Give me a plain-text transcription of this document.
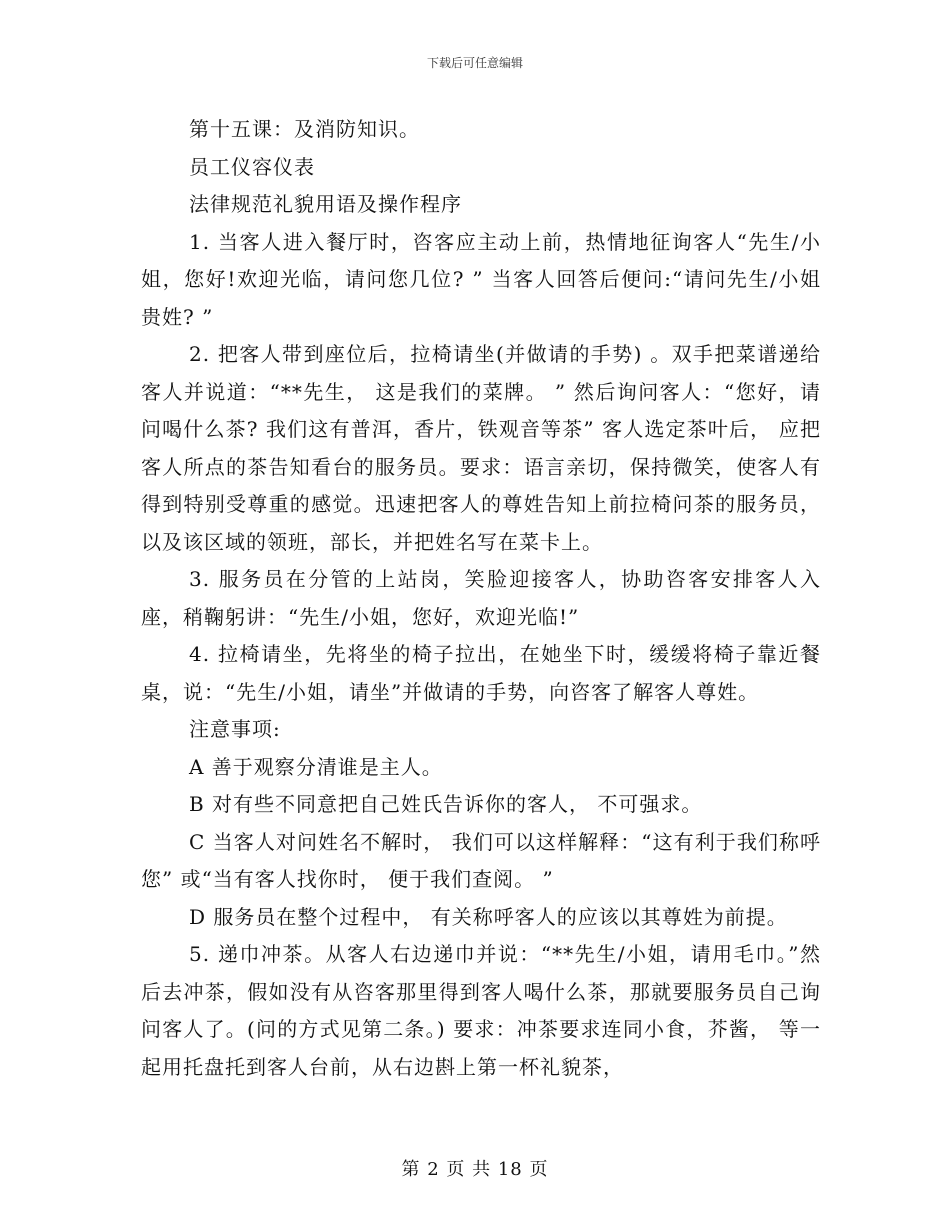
下载后可任意编辑

第十五课：及消防知识。

员工仪容仪表

法律规范礼貌用语及操作程序

1. 当客人进入餐厅时，咨客应主动上前，热情地征询客人“先生/小姐，您好!欢迎光临，请问您几位? ” 当客人回答后便问:“请问先生/小姐贵姓? ”

2. 把客人带到座位后，拉椅请坐(并做请的手势) 。双手把菜谱递给客人并说道：“**先生， 这是我们的菜牌。 ” 然后询问客人：“您好，请问喝什么茶? 我们这有普洱，香片，铁观音等茶” 客人选定茶叶后， 应把客人所点的茶告知看台的服务员。要求：语言亲切，保持微笑，使客人有得到特别受尊重的感觉。迅速把客人的尊姓告知上前拉椅问茶的服务员，以及该区域的领班，部长，并把姓名写在菜卡上。

3. 服务员在分管的上站岗，笑脸迎接客人，协助咨客安排客人入座，稍鞠躬讲：“先生/小姐，您好，欢迎光临!”

4. 拉椅请坐，先将坐的椅子拉出，在她坐下时，缓缓将椅子靠近餐桌，说：“先生/小姐，请坐”并做请的手势，向咨客了解客人尊姓。

注意事项:

A 善于观察分清谁是主人。

B 对有些不同意把自己姓氏告诉你的客人， 不可强求。

C 当客人对问姓名不解时， 我们可以这样解释：“这有利于我们称呼您” 或“当有客人找你时， 便于我们查阅。 ”

D 服务员在整个过程中， 有关称呼客人的应该以其尊姓为前提。

5. 递巾冲茶。从客人右边递巾并说：“**先生/小姐，请用毛巾。”然后去冲茶，假如没有从咨客那里得到客人喝什么茶，那就要服务员自己询问客人了。(问的方式见第二条。) 要求：冲茶要求连同小食，芥酱， 等一起用托盘托到客人台前，从右边斟上第一杯礼貌茶，

第 2 页 共 18 页
